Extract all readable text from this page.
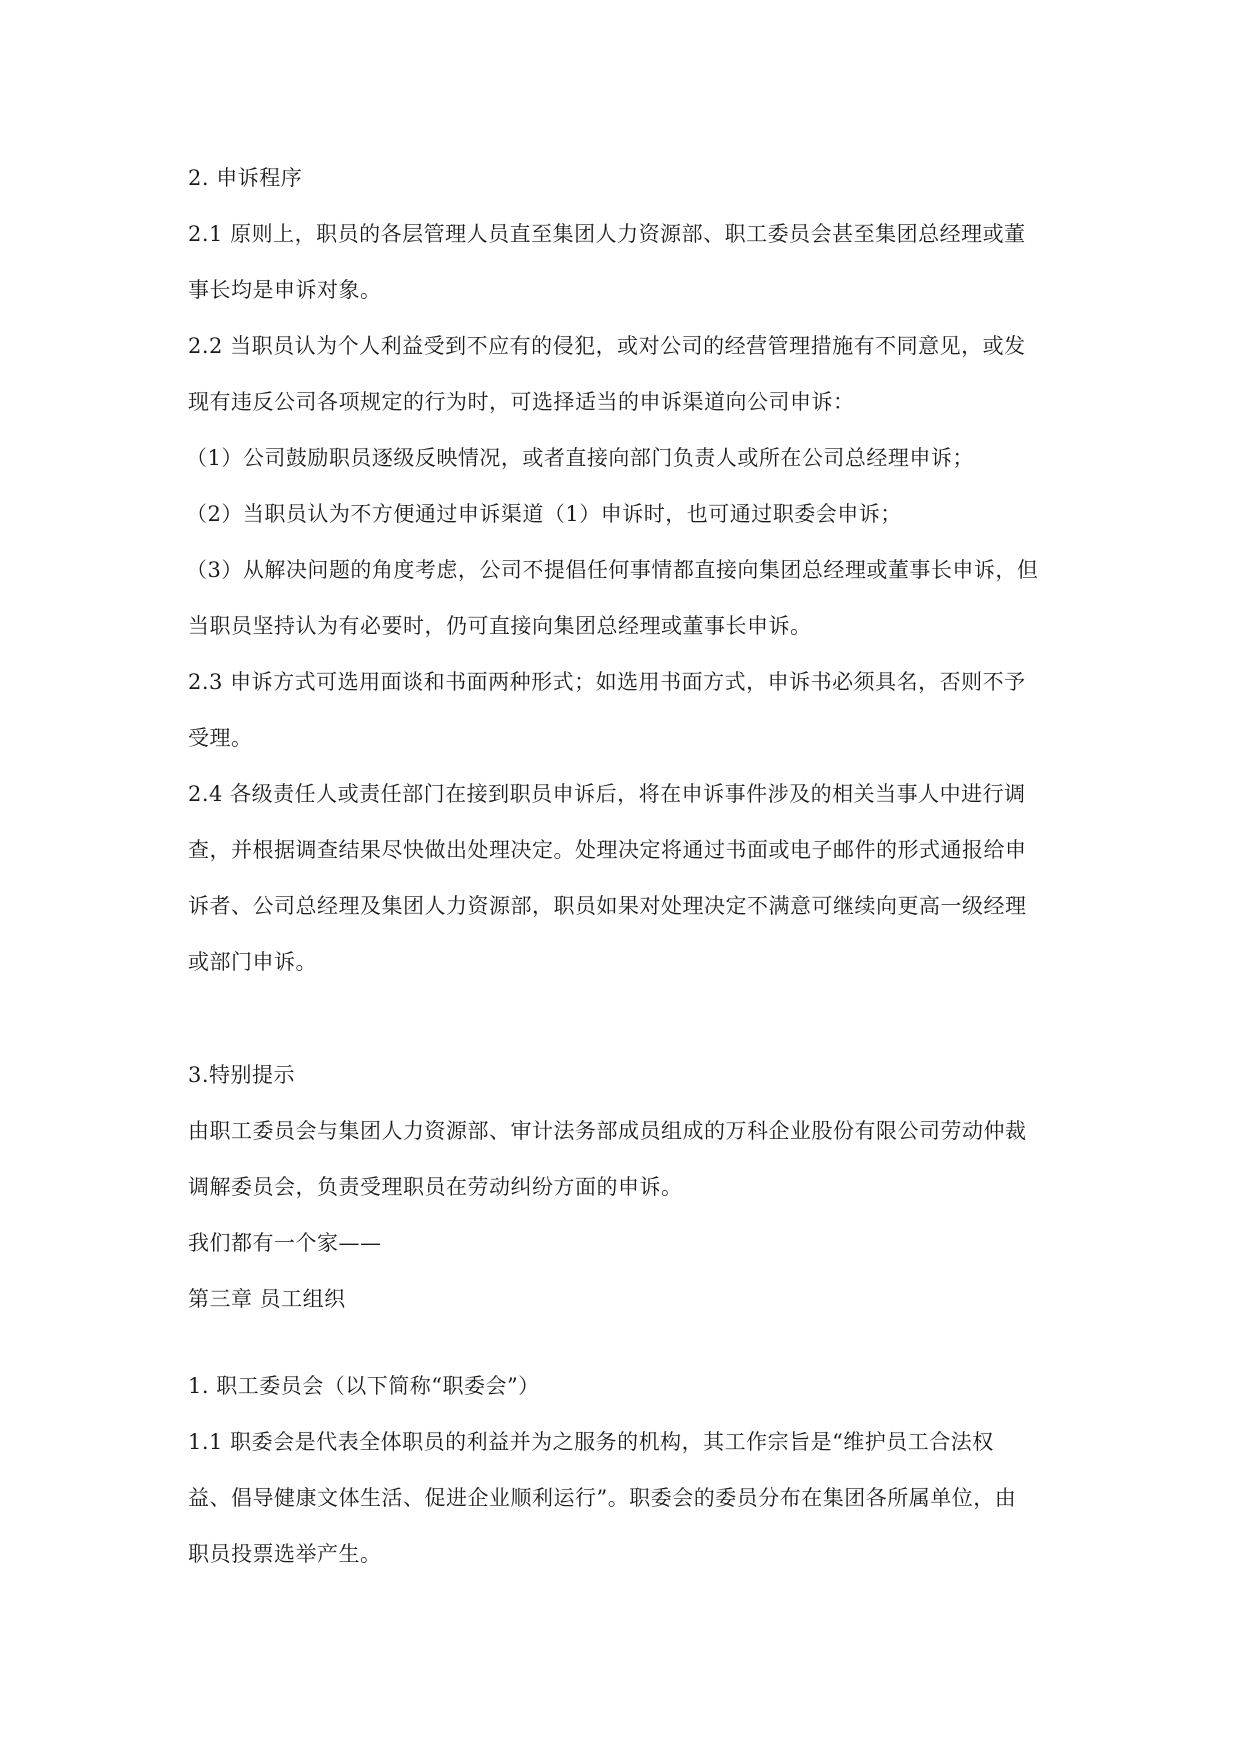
2. 申诉程序
2.1 原则上，职员的各层管理人员直至集团人力资源部、职工委员会甚至集团总经理或董
事长均是申诉对象。
2.2 当职员认为个人利益受到不应有的侵犯，或对公司的经营管理措施有不同意见，或发
现有违反公司各项规定的行为时，可选择适当的申诉渠道向公司申诉：
（1）公司鼓励职员逐级反映情况，或者直接向部门负责人或所在公司总经理申诉；
（2）当职员认为不方便通过申诉渠道（1）申诉时，也可通过职委会申诉；
（3）从解决问题的角度考虑，公司不提倡任何事情都直接向集团总经理或董事长申诉，但
当职员坚持认为有必要时，仍可直接向集团总经理或董事长申诉。
2.3 申诉方式可选用面谈和书面两种形式；如选用书面方式，申诉书必须具名，否则不予
受理。
2.4 各级责任人或责任部门在接到职员申诉后，将在申诉事件涉及的相关当事人中进行调
查，并根据调查结果尽快做出处理决定。处理决定将通过书面或电子邮件的形式通报给申
诉者、公司总经理及集团人力资源部，职员如果对处理决定不满意可继续向更高一级经理
或部门申诉。
3.特别提示
由职工委员会与集团人力资源部、审计法务部成员组成的万科企业股份有限公司劳动仲裁
调解委员会，负责受理职员在劳动纠纷方面的申诉。
我们都有一个家——
第三章 员工组织
1. 职工委员会（以下简称“职委会”）
1.1 职委会是代表全体职员的利益并为之服务的机构，其工作宗旨是“维护员工合法权
益、倡导健康文体生活、促进企业顺利运行”。职委会的委员分布在集团各所属单位，由
职员投票选举产生。
